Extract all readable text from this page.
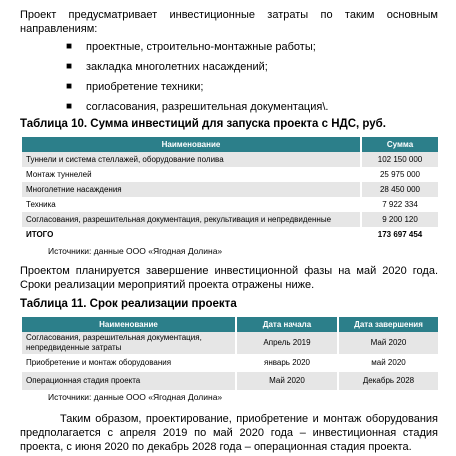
Проект предусматривает инвестиционные затраты по таким основным направлениям:
■	проектные, строительно-монтажные работы;
■	закладка многолетних насаждений;
■	приобретение техники;
■	согласования, разрешительная документация\.
Таблица 10. Сумма инвестиций для запуска проекта с НДС, руб.
Наименование	Сумма
Туннели и система стеллажей, оборудование полива	102 150 000
Монтаж туннелей	25 975 000
Многолетние насаждения	28 450 000
Техника	7 922 334
Согласования, разрешительная документация, рекультивация и непредвиденные	9 200 120
ИТОГО	173 697 454
Источники: данные ООО «Ягодная Долина»
Проектом планируется завершение инвестиционной фазы на май 2020 года. Сроки реализации мероприятий проекта отражены ниже.
Таблица 11. Срок реализации проекта
Наименование	Дата начала	Дата завершения
Согласования, разрешительная документация, непредвиденные затраты	Апрель 2019	Май 2020
Приобретение и монтаж оборудования	январь 2020	май 2020
Операционная стадия проекта	Май 2020	Декабрь 2028
Источники: данные ООО «Ягодная Долина»
Таким образом, проектирование, приобретение и монтаж оборудования предполагается с апреля 2019 по май 2020 года – инвестиционная стадия проекта, с июня 2020 по декабрь 2028 года – операционная стадия проекта.
